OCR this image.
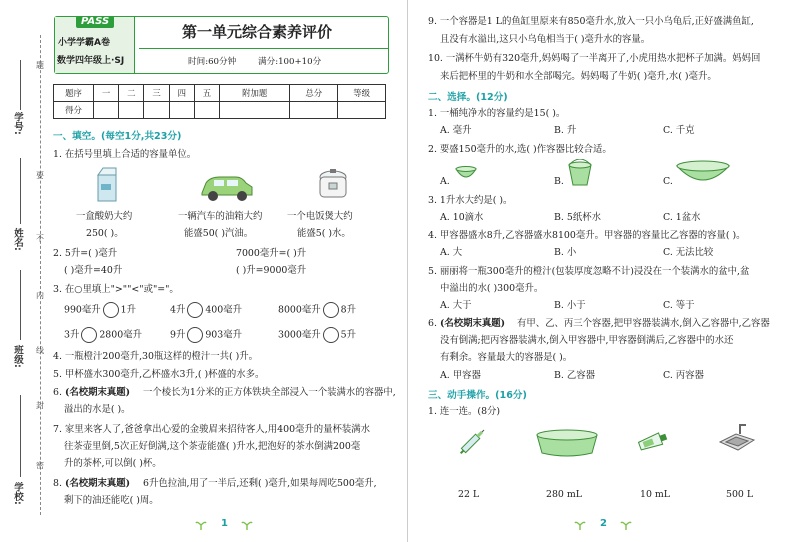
题
要
不
内
线
封
密
学号:
姓名:
班级:
学校:
PASS
小学学霸A卷
数学四年级上·SJ
第一单元综合素养评价
时间:60分钟	满分:100+10分
题序	一	二	三	四	五	附加题	总分	等级
得分								
一、填空。(每空1分,共23分)
1. 在括号里填上合适的容量单位。
一盒酸奶大约
250( )。
一辆汽车的油箱大约
能盛50( )汽油。
一个电饭煲大约
能盛5( )水。
2. 5升=( )毫升	7000毫升=( )升
( )毫升=40升	( )升=9000毫升
3. 在○里填上">""<"或"="。
990毫升 1升	4升 400毫升	8000毫升 8升
3升 2800毫升	9升 903毫升	3000毫升 5升
4. 一瓶橙汁200毫升,30瓶这样的橙汁一共( )升。
5. 甲杯盛水300毫升,乙杯盛水3升,( )杯盛的水多。
6. (名校期末真题) 一个棱长为1分米的正方体铁块全部浸入一个装满水的容器中,
溢出的水是( )。
7. 家里来客人了,爸爸拿出心爱的金骏眉来招待客人,用400毫升的量杯装满水
往茶壶里倒,5次正好倒满,这个茶壶能盛( )升水,把泡好的茶水倒满200毫
升的茶杯,可以倒( )杯。
8. (名校期末真题) 6升色拉油,用了一半后,还剩( )毫升,如果每周吃500毫升,
剩下的油还能吃( )周。
1
9. 一个容器是1 L的鱼缸里原来有850毫升水,放入一只小乌龟后,正好盛满鱼缸,
且没有水溢出,这只小乌龟相当于( )毫升水的容量。
10. 一满杯牛奶有320毫升,妈妈喝了一半离开了,小虎用热水把杯子加满。妈妈回
来后把杯里的牛奶和水全部喝完。妈妈喝了牛奶( )毫升,水( )毫升。
二、选择。(12分)
1. 一桶纯净水的容量约是15( )。
A. 毫升	B. 升	C. 千克
2. 要盛150毫升的水,选( )作容器比较合适。
A.	B.	C.
3. 1升水大约是( )。
A. 10滴水	B. 5纸杯水	C. 1盆水
4. 甲容器盛水8升,乙容器盛水8100毫升。甲容器的容量比乙容器的容量( )。
A. 大	B. 小	C. 无法比较
5. 丽丽将一瓶300毫升的橙汁(包装厚度忽略不计)浸没在一个装满水的盆中,盆
中溢出的水( )300毫升。
A. 大于	B. 小于	C. 等于
6. (名校期末真题) 有甲、乙、丙三个容器,把甲容器装满水,倒入乙容器中,乙容器
没有倒满;把丙容器装满水,倒入甲容器中,甲容器倒满后,乙容器中的水还
有剩余。容量最大的容器是( )。
A. 甲容器	B. 乙容器	C. 丙容器
三、动手操作。(16分)
1. 连一连。(8分)
22 L	280 mL	10 mL	500 L
2
